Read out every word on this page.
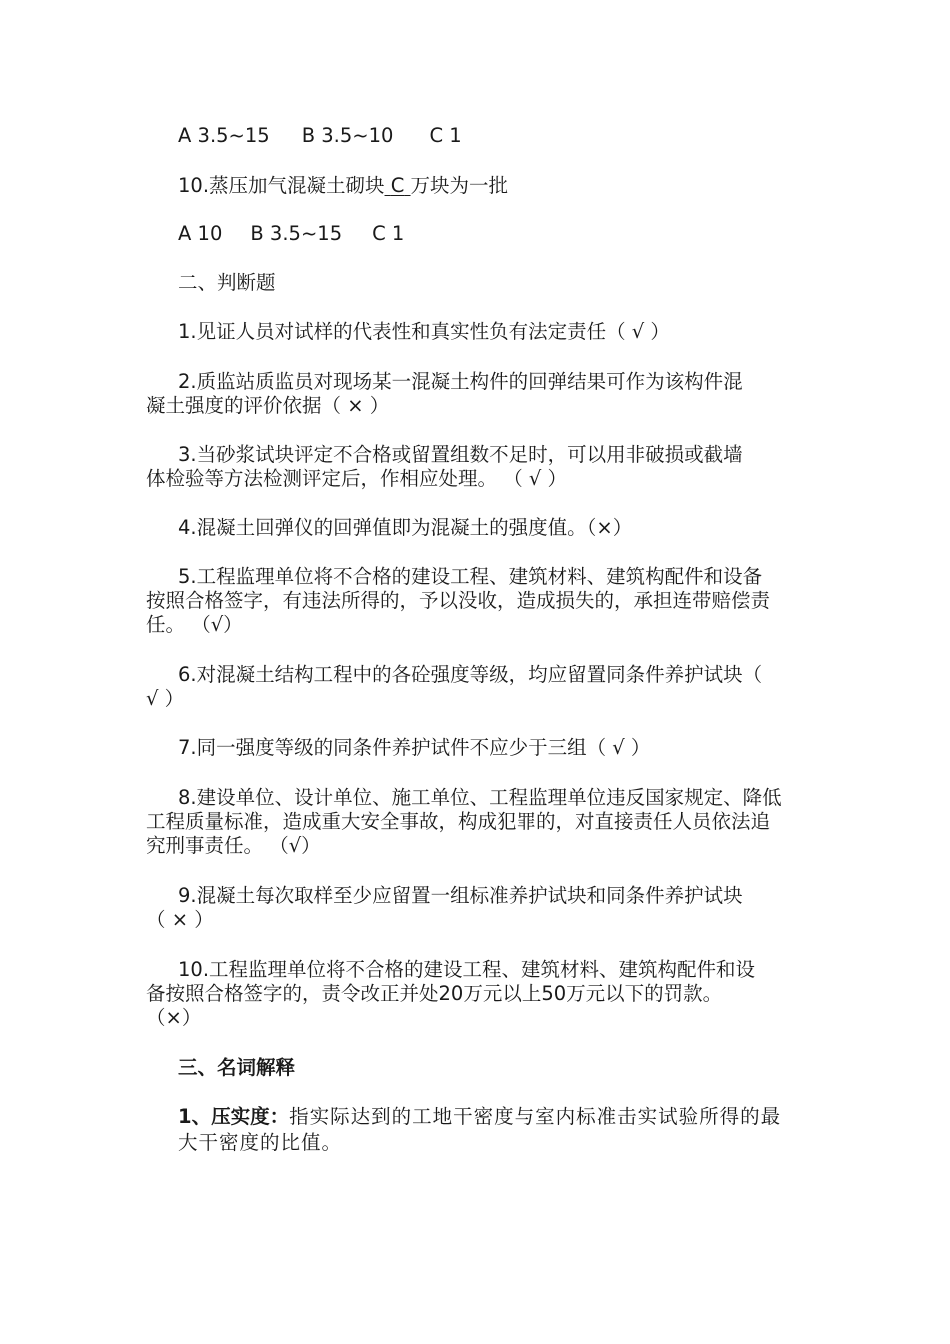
A 3.5~15 B 3.5~10 C 1
10.蒸压加气混凝土砌块 C 万块为一批
A 10 B 3.5~15 C 1
二、判断题
1.见证人员对试样的代表性和真实性负有法定责任（ √ ）
2.质监站质监员对现场某一混凝土构件的回弹结果可作为该构件混
凝土强度的评价依据（ × ）
3.当砂浆试块评定不合格或留置组数不足时，可以用非破损或截墙
体检验等方法检测评定后，作相应处理。 （ √ ）
4.混凝土回弹仪的回弹值即为混凝土的强度值。（×）
5.工程监理单位将不合格的建设工程、建筑材料、建筑构配件和设备
按照合格签字，有违法所得的，予以没收，造成损失的，承担连带赔偿责
任。 （√）
6.对混凝土结构工程中的各砼强度等级，均应留置同条件养护试块（
√ ）
7.同一强度等级的同条件养护试件不应少于三组（ √ ）
8.建设单位、设计单位、施工单位、工程监理单位违反国家规定、降低
工程质量标准，造成重大安全事故，构成犯罪的，对直接责任人员依法追
究刑事责任。 （√）
9.混凝土每次取样至少应留置一组标准养护试块和同条件养护试块
（ × ）
10.工程监理单位将不合格的建设工程、建筑材料、建筑构配件和设
备按照合格签字的，责令改正并处20万元以上50万元以下的罚款。
（×）
三、名词解释
1、压实度：指实际达到的工地干密度与室内标准击实试验所得的最
大干密度的比值。
